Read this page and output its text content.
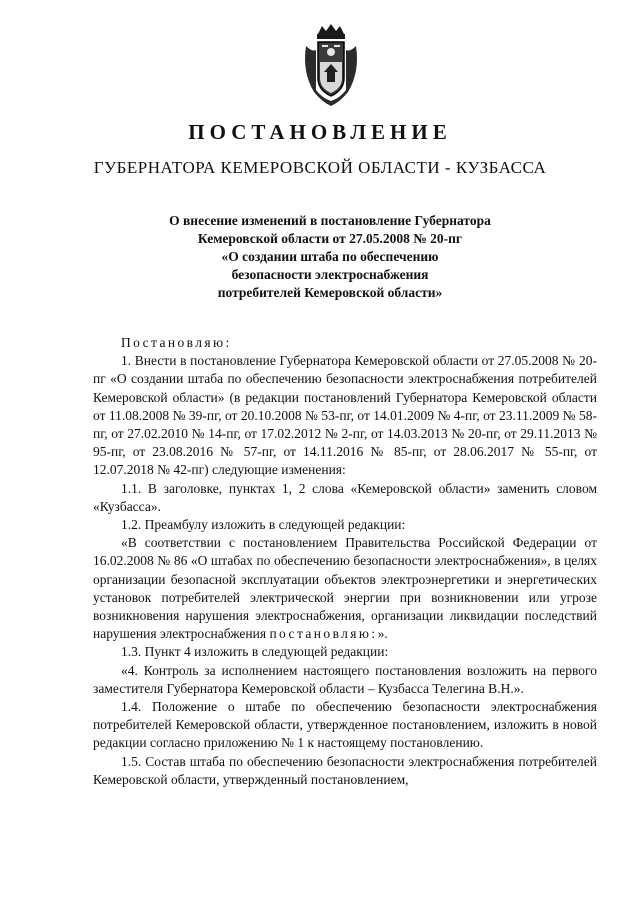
ПОСТАНОВЛЕНИЕ
ГУБЕРНАТОРА КЕМЕРОВСКОЙ ОБЛАСТИ - КУЗБАССА
О внесение изменений в постановление Губернатора
Кемеровской области от 27.05.2008 № 20-пг
«О создании штаба по обеспечению
безопасности электроснабжения
потребителей Кемеровской области»

Постановляю:

1. Внести в постановление Губернатора Кемеровской области от 27.05.2008 № 20-пг «О создании штаба по обеспечению безопасности электроснабжения потребителей Кемеровской области» (в редакции постановлений Губернатора Кемеровской области от 11.08.2008 № 39-пг, от 20.10.2008 № 53-пг, от 14.01.2009 № 4-пг, от 23.11.2009 № 58-пг, от 27.02.2010 № 14-пг, от 17.02.2012 № 2-пг, от 14.03.2013 № 20-пг, от 29.11.2013 № 95-пг, от 23.08.2016 № 57-пг, от 14.11.2016 № 85-пг, от 28.06.2017 № 55-пг, от 12.07.2018 № 42-пг) следующие изменения:

1.1. В заголовке, пунктах 1, 2 слова «Кемеровской области» заменить словом «Кузбасса».

1.2. Преамбулу изложить в следующей редакции:

«В соответствии с постановлением Правительства Российской Федерации от 16.02.2008 № 86 «О штабах по обеспечению безопасности электроснабжения», в целях организации безопасной эксплуатации объектов электроэнергетики и энергетических установок потребителей электрической энергии при возникновении или угрозе возникновения нарушения электроснабжения, организации ликвидации последствий нарушения электроснабжения постановляю:».

1.3. Пункт 4 изложить в следующей редакции:

«4. Контроль за исполнением настоящего постановления возложить на первого заместителя Губернатора Кемеровской области – Кузбасса Телегина В.Н.».

1.4. Положение о штабе по обеспечению безопасности электроснабжения потребителей Кемеровской области, утвержденное постановлением, изложить в новой редакции согласно приложению № 1 к настоящему постановлению.

1.5. Состав штаба по обеспечению безопасности электроснабжения потребителей Кемеровской области, утвержденный постановлением,
